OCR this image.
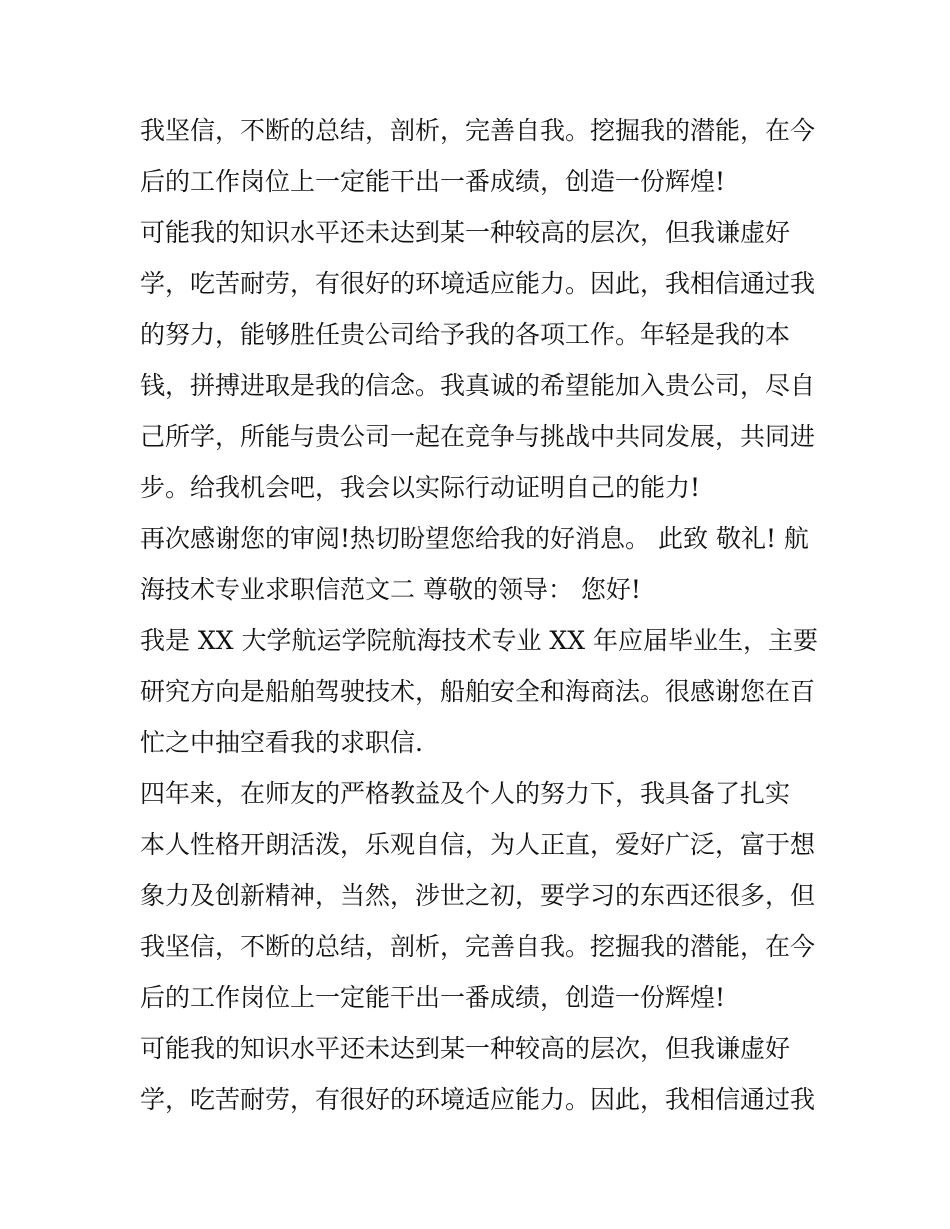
我坚信，不断的总结，剖析，完善自我。挖掘我的潜能，在今
后的工作岗位上一定能干出一番成绩，创造一份辉煌!
可能我的知识水平还未达到某一种较高的层次，但我谦虚好
学，吃苦耐劳，有很好的环境适应能力。因此，我相信通过我
的努力，能够胜任贵公司给予我的各项工作。年轻是我的本
钱，拼搏进取是我的信念。我真诚的希望能加入贵公司，尽自
己所学，所能与贵公司一起在竞争与挑战中共同发展，共同进
步。给我机会吧，我会以实际行动证明自己的能力!
再次感谢您的审阅!热切盼望您给我的好消息。 此致 敬礼! 航
海技术专业求职信范文二 尊敬的领导： 您好!
我是 XX 大学航运学院航海技术专业 XX 年应届毕业生，主要
研究方向是船舶驾驶技术，船舶安全和海商法。很感谢您在百
忙之中抽空看我的求职信.
四年来，在师友的严格教益及个人的努力下，我具备了扎实
本人性格开朗活泼，乐观自信，为人正直，爱好广泛，富于想
象力及创新精神，当然，涉世之初，要学习的东西还很多，但
我坚信，不断的总结，剖析，完善自我。挖掘我的潜能，在今
后的工作岗位上一定能干出一番成绩，创造一份辉煌!
可能我的知识水平还未达到某一种较高的层次，但我谦虚好
学，吃苦耐劳，有很好的环境适应能力。因此，我相信通过我
